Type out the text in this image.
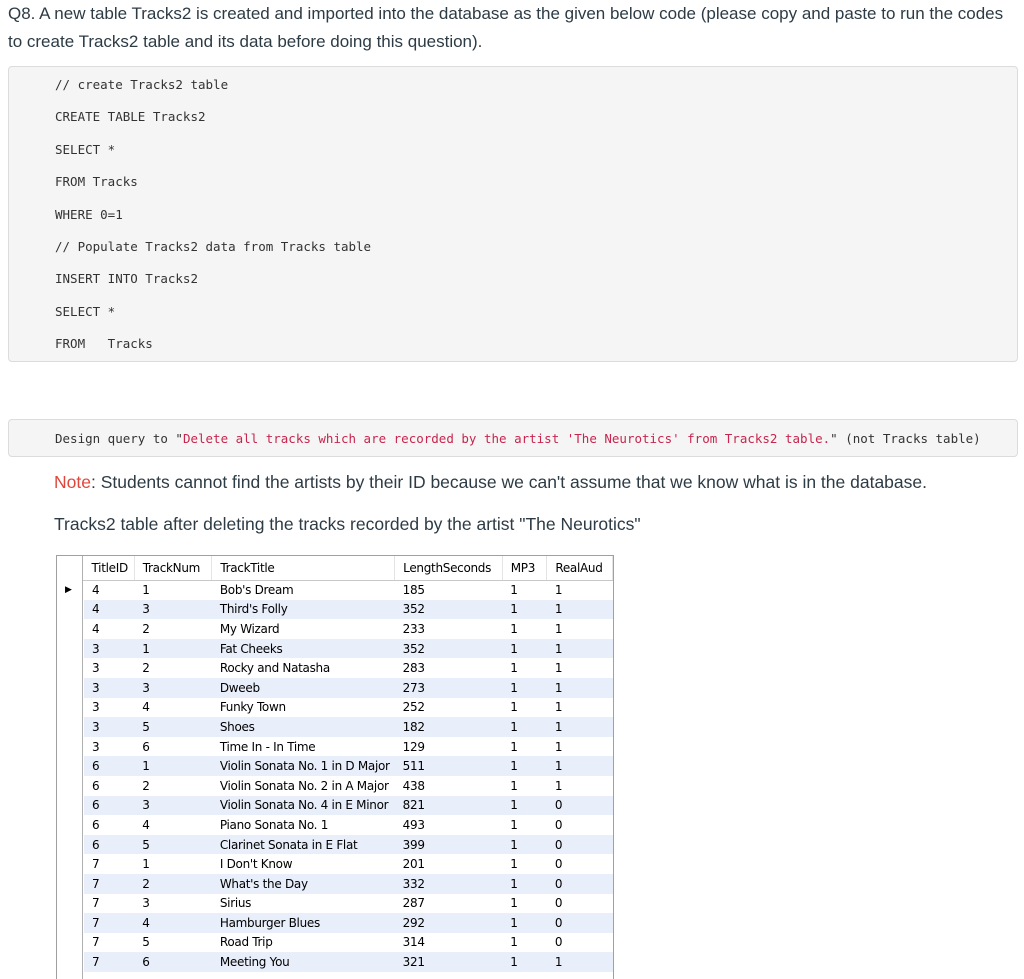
Q8. A new table Tracks2 is created and imported into the database as the given below code (please copy and paste to run the codes to create Tracks2 table and its data before doing this question).
// create Tracks2 table
CREATE TABLE Tracks2
SELECT *
FROM Tracks
WHERE 0=1
// Populate Tracks2 data from Tracks table
INSERT INTO Tracks2
SELECT *
FROM   Tracks
Design query to "Delete all tracks which are recorded by the artist 'The Neurotics' from Tracks2 table." (not Tracks table)
Note: Students cannot find the artists by their ID because we can't assume that we know what is in the database.
Tracks2 table after deleting the tracks recorded by the artist "The Neurotics"
▶
TitleID	TrackNum	TrackTitle	LengthSeconds	MP3	RealAud
4	1	Bob's Dream	185	1	1
4	3	Third's Folly	352	1	1
4	2	My Wizard	233	1	1
3	1	Fat Cheeks	352	1	1
3	2	Rocky and Natasha	283	1	1
3	3	Dweeb	273	1	1
3	4	Funky Town	252	1	1
3	5	Shoes	182	1	1
3	6	Time In - In Time	129	1	1
6	1	Violin Sonata No. 1 in D Major	511	1	1
6	2	Violin Sonata No. 2 in A Major	438	1	1
6	3	Violin Sonata No. 4 in E Minor	821	1	0
6	4	Piano Sonata No. 1	493	1	0
6	5	Clarinet Sonata in E Flat	399	1	0
7	1	I Don't Know	201	1	0
7	2	What's the Day	332	1	0
7	3	Sirius	287	1	0
7	4	Hamburger Blues	292	1	0
7	5	Road Trip	314	1	0
7	6	Meeting You	321	1	1
